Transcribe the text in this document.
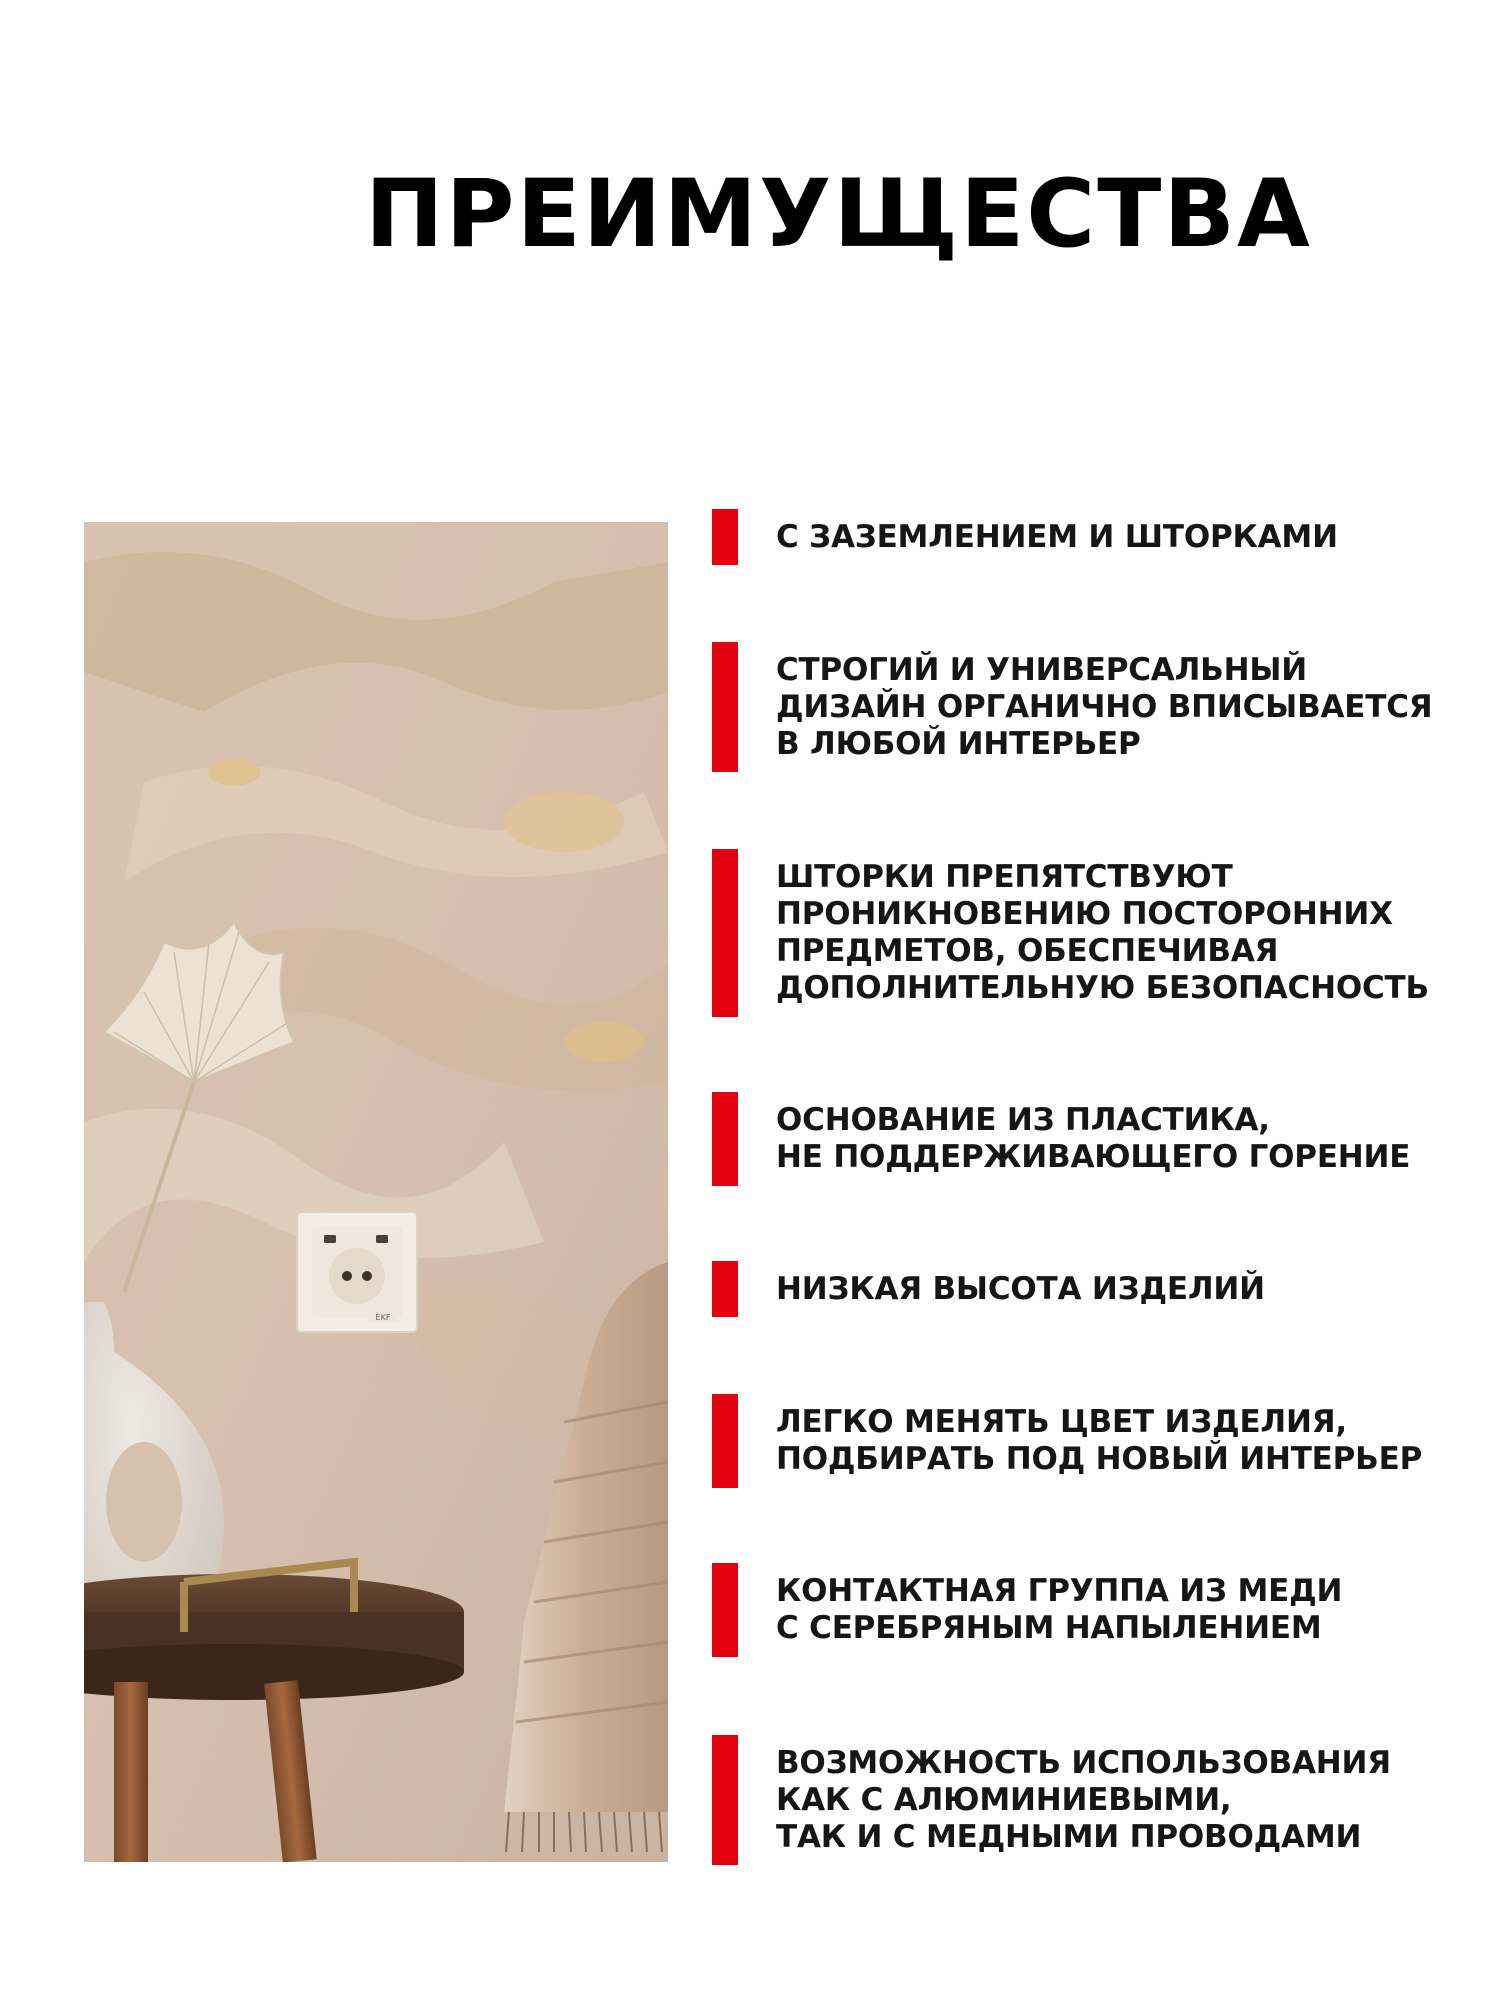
ПРЕИМУЩЕСТВА
EKF
С ЗАЗЕМЛЕНИЕМ И ШТОРКАМИ
СТРОГИЙ И УНИВЕРСАЛЬНЫЙ
ДИЗАЙН ОРГАНИЧНО ВПИСЫВАЕТСЯ
В ЛЮБОЙ ИНТЕРЬЕР
ШТОРКИ ПРЕПЯТСТВУЮТ
ПРОНИКНОВЕНИЮ ПОСТОРОННИХ
ПРЕДМЕТОВ, ОБЕСПЕЧИВАЯ
ДОПОЛНИТЕЛЬНУЮ БЕЗОПАСНОСТЬ
ОСНОВАНИЕ ИЗ ПЛАСТИКА,
НЕ ПОДДЕРЖИВАЮЩЕГО ГОРЕНИЕ
НИЗКАЯ ВЫСОТА ИЗДЕЛИЙ
ЛЕГКО МЕНЯТЬ ЦВЕТ ИЗДЕЛИЯ,
ПОДБИРАТЬ ПОД НОВЫЙ ИНТЕРЬЕР
КОНТАКТНАЯ ГРУППА ИЗ МЕДИ
С СЕРЕБРЯНЫМ НАПЫЛЕНИЕМ
ВОЗМОЖНОСТЬ ИСПОЛЬЗОВАНИЯ
КАК С АЛЮМИНИЕВЫМИ,
ТАК И С МЕДНЫМИ ПРОВОДАМИ
